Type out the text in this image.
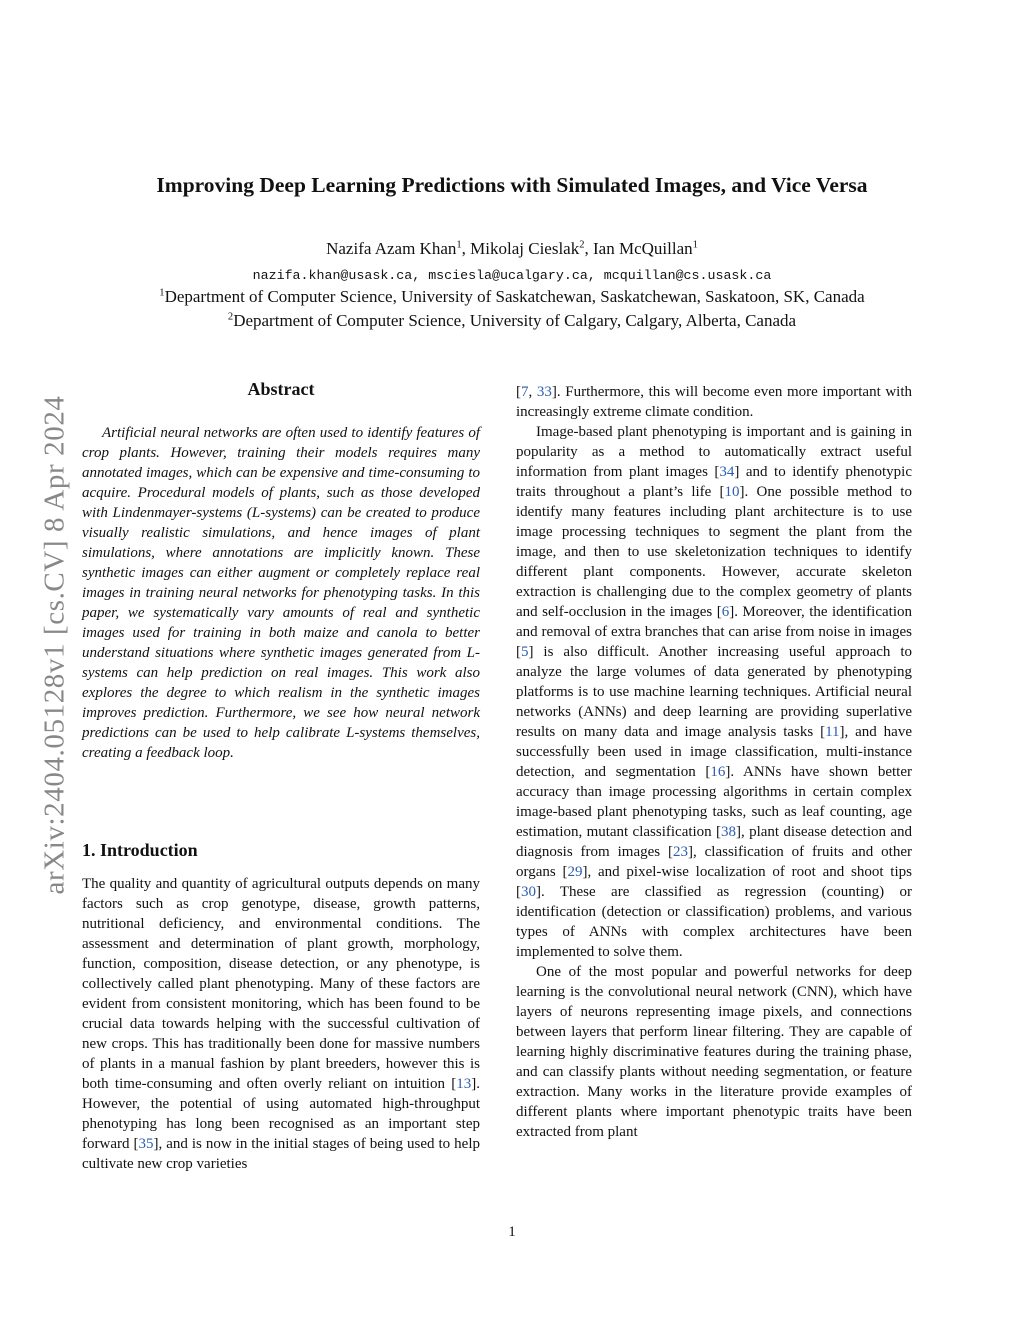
arXiv:2404.05128v1 [cs.CV] 8 Apr 2024
Improving Deep Learning Predictions with Simulated Images, and Vice Versa
Nazifa Azam Khan$^1$, Mikolaj Cieslak$^2$, Ian McQuillan$^1$
nazifa.khan@usask.ca, msciesla@ucalgary.ca, mcquillan@cs.usask.ca
$^1$Department of Computer Science, University of Saskatchewan, Saskatchewan, Saskatoon, SK, Canada
$^2$Department of Computer Science, University of Calgary, Calgary, Alberta, Canada
Abstract

Artificial neural networks are often used to identify features of crop plants. However, training their models requires many annotated images, which can be expensive and time-consuming to acquire. Procedural models of plants, such as those developed with Lindenmayer-systems (L-systems) can be created to produce visually realistic simulations, and hence images of plant simulations, where annotations are implicitly known. These synthetic images can either augment or completely replace real images in training neural networks for phenotyping tasks. In this paper, we systematically vary amounts of real and synthetic images used for training in both maize and canola to better understand situations where synthetic images generated from L-systems can help prediction on real images. This work also explores the degree to which realism in the synthetic images improves prediction. Furthermore, we see how neural network predictions can be used to help calibrate L-systems themselves, creating a feedback loop.

1. Introduction

The quality and quantity of agricultural outputs depends on many factors such as crop genotype, disease, growth patterns, nutritional deficiency, and environmental conditions. The assessment and determination of plant growth, morphology, function, composition, disease detection, or any phenotype, is collectively called plant phenotyping. Many of these factors are evident from consistent monitoring, which has been found to be crucial data towards helping with the successful cultivation of new crops. This has traditionally been done for massive numbers of plants in a manual fashion by plant breeders, however this is both time-consuming and often overly reliant on intuition [13]. However, the potential of using automated high-throughput phenotyping has long been recognised as an important step forward [35], and is now in the initial stages of being used to help cultivate new crop varieties

[7, 33]. Furthermore, this will become even more important with increasingly extreme climate condition.

Image-based plant phenotyping is important and is gaining in popularity as a method to automatically extract useful information from plant images [34] and to identify phenotypic traits throughout a plant’s life [10]. One possible method to identify many features including plant architecture is to use image processing techniques to segment the plant from the image, and then to use skeletonization techniques to identify different plant components. However, accurate skeleton extraction is challenging due to the complex geometry of plants and self-occlusion in the images [6]. Moreover, the identification and removal of extra branches that can arise from noise in images [5] is also difficult. Another increasing useful approach to analyze the large volumes of data generated by phenotyping platforms is to use machine learning techniques. Artificial neural networks (ANNs) and deep learning are providing superlative results on many data and image analysis tasks [11], and have successfully been used in image classification, multi-instance detection, and segmentation [16]. ANNs have shown better accuracy than image processing algorithms in certain complex image-based plant phenotyping tasks, such as leaf counting, age estimation, mutant classification [38], plant disease detection and diagnosis from images [23], classification of fruits and other organs [29], and pixel-wise localization of root and shoot tips [30]. These are classified as regression (counting) or identification (detection or classification) problems, and various types of ANNs with complex architectures have been implemented to solve them.

One of the most popular and powerful networks for deep learning is the convolutional neural network (CNN), which have layers of neurons representing image pixels, and connections between layers that perform linear filtering. They are capable of learning highly discriminative features during the training phase, and can classify plants without needing segmentation, or feature extraction. Many works in the literature provide examples of different plants where important phenotypic traits have been extracted from plant

1
